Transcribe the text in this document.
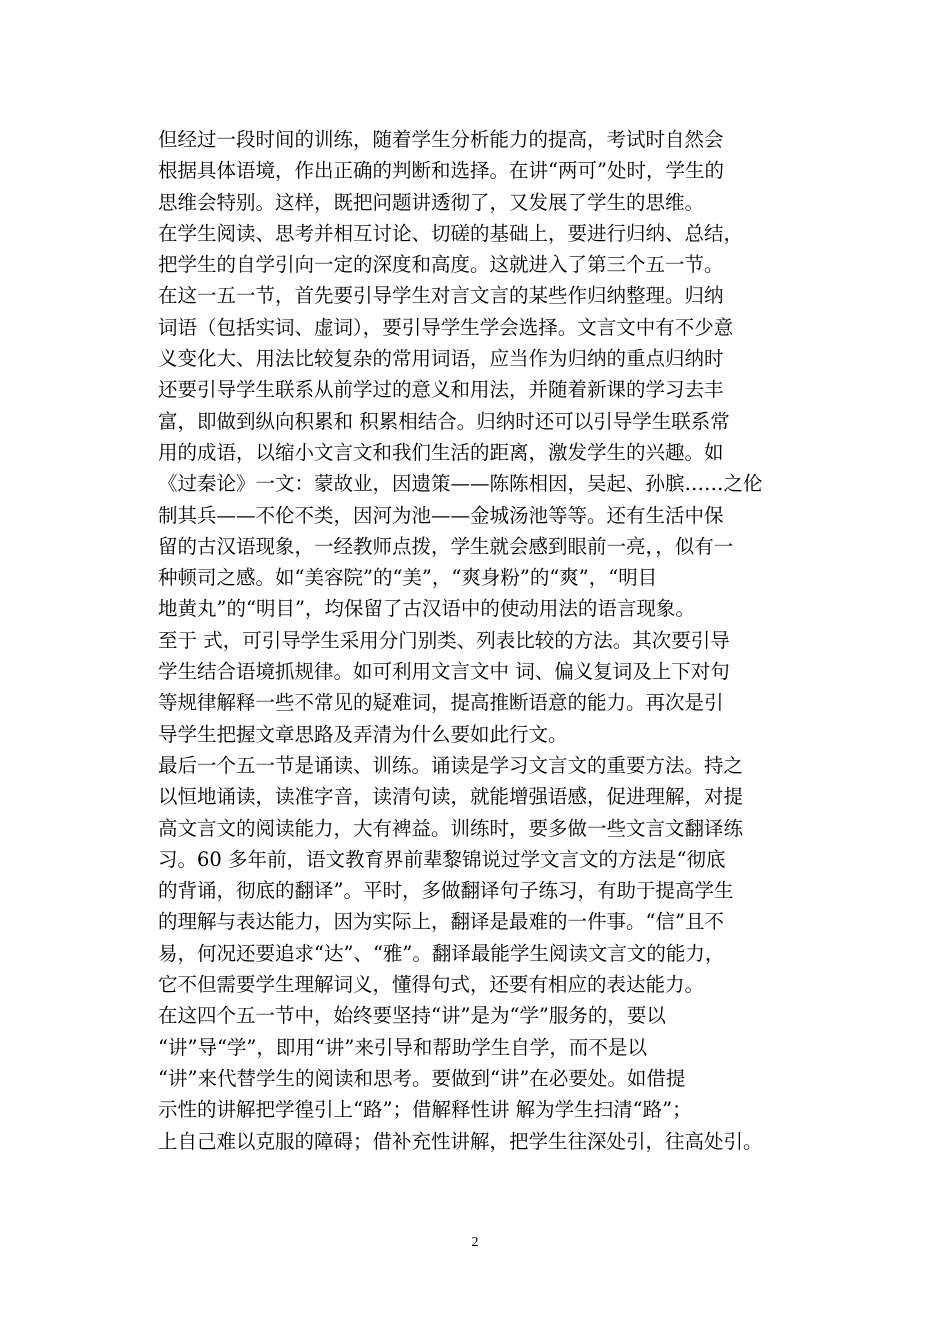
但经过一段时间的训练，随着学生分析能力的提高，考试时自然会
根据具体语境，作出正确的判断和选择。在讲“两可”处时，学生的
思维会特别。这样，既把问题讲透彻了，又发展了学生的思维。
在学生阅读、思考并相互讨论、切磋的基础上，要进行归纳、总结，
把学生的自学引向一定的深度和高度。这就进入了第三个五一节。
在这一五一节，首先要引导学生对言文言的某些作归纳整理。归纳
词语（包括实词、虚词），要引导学生学会选择。文言文中有不少意
义变化大、用法比较复杂的常用词语，应当作为归纳的重点归纳时
还要引导学生联系从前学过的意义和用法，并随着新课的学习去丰
富，即做到纵向积累和 积累相结合。归纳时还可以引导学生联系常
用的成语，以缩小文言文和我们生活的距离，激发学生的兴趣。如
《过秦论》一文：蒙故业，因遗策——陈陈相因，吴起、孙膑……之伦
制其兵——不伦不类，因河为池——金城汤池等等。还有生活中保
留的古汉语现象，一经教师点拨，学生就会感到眼前一亮，，似有一
种顿司之感。如“美容院”的“美”，“爽身粉”的“爽”，“明目
地黄丸”的“明目”，均保留了古汉语中的使动用法的语言现象。
至于 式，可引导学生采用分门别类、列表比较的方法。其次要引导
学生结合语境抓规律。如可利用文言文中 词、偏义复词及上下对句
等规律解释一些不常见的疑难词，提高推断语意的能力。再次是引
导学生把握文章思路及弄清为什么要如此行文。
最后一个五一节是诵读、训练。诵读是学习文言文的重要方法。持之
以恒地诵读，读准字音，读清句读，就能增强语感，促进理解，对提
高文言文的阅读能力，大有裨益。训练时，要多做一些文言文翻译练
习。60 多年前，语文教育界前辈黎锦说过学文言文的方法是“彻底
的背诵，彻底的翻译”。平时，多做翻译句子练习，有助于提高学生
的理解与表达能力，因为实际上，翻译是最难的一件事。“信”且不
易，何况还要追求“达”、“雅”。翻译最能学生阅读文言文的能力，
它不但需要学生理解词义，懂得句式，还要有相应的表达能力。
在这四个五一节中，始终要坚持“讲”是为“学”服务的，要以
“讲”导“学”，即用“讲”来引导和帮助学生自学，而不是以
“讲”来代替学生的阅读和思考。要做到“讲”在必要处。如借提
示性的讲解把学徨引上“路”；借解释性讲 解为学生扫清“路”；
上自己难以克服的障碍；借补充性讲解，把学生往深处引，往高处引。
2
